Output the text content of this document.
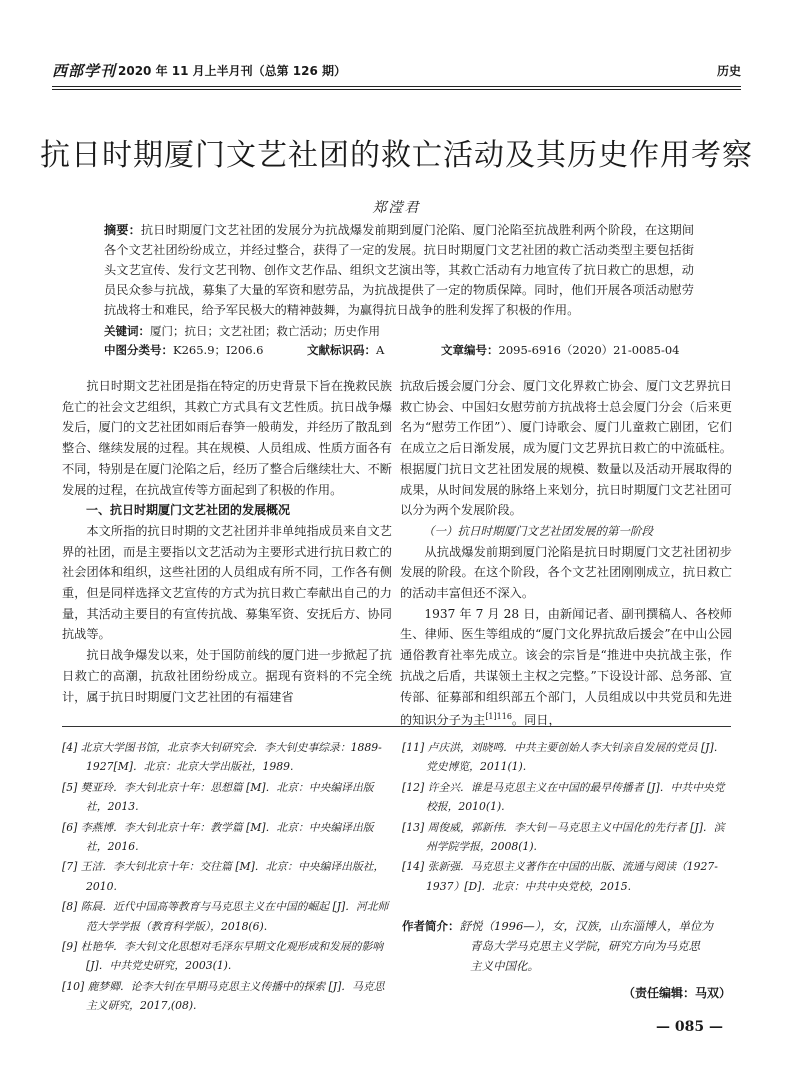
西部学刊 2020 年 11 月上半月刊（总第 126 期）	历史
抗日时期厦门文艺社团的救亡活动及其历史作用考察
郑滢君
摘要：抗日时期厦门文艺社团的发展分为抗战爆发前期到厦门沦陷、厦门沦陷至抗战胜利两个阶段，在这期间各个文艺社团纷纷成立，并经过整合，获得了一定的发展。抗日时期厦门文艺社团的救亡活动类型主要包括街头文艺宣传、发行文艺刊物、创作文艺作品、组织文艺演出等，其救亡活动有力地宣传了抗日救亡的思想，动员民众参与抗战，募集了大量的军资和慰劳品，为抗战提供了一定的物质保障。同时，他们开展各项活动慰劳抗战将士和难民，给予军民极大的精神鼓舞，为赢得抗日战争的胜利发挥了积极的作用。
关键词：厦门；抗日；文艺社团；救亡活动；历史作用
中图分类号：K265.9；I206.6	文献标识码：A	文章编号：2095-6916（2020）21-0085-04

抗日时期文艺社团是指在特定的历史背景下旨在挽救民族危亡的社会文艺组织，其救亡方式具有文艺性质。抗日战争爆发后，厦门的文艺社团如雨后春笋一般萌发，并经历了散乱到整合、继续发展的过程。其在规模、人员组成、性质方面各有不同，特别是在厦门沦陷之后，经历了整合后继续壮大、不断发展的过程，在抗战宣传等方面起到了积极的作用。

一、抗日时期厦门文艺社团的发展概况

本文所指的抗日时期的文艺社团并非单纯指成员来自文艺界的社团，而是主要指以文艺活动为主要形式进行抗日救亡的社会团体和组织，这些社团的人员组成有所不同，工作各有侧重，但是同样选择文艺宣传的方式为抗日救亡奉献出自己的力量，其活动主要目的有宣传抗战、募集军资、安抚后方、协同抗战等。

抗日战争爆发以来，处于国防前线的厦门进一步掀起了抗日救亡的高潮，抗敌社团纷纷成立。据现有资料的不完全统计，属于抗日时期厦门文艺社团的有福建省

抗敌后援会厦门分会、厦门文化界救亡协会、厦门文艺界抗日救亡协会、中国妇女慰劳前方抗战将士总会厦门分会（后来更名为“慰劳工作团”）、厦门诗歌会、厦门儿童救亡剧团，它们在成立之后日渐发展，成为厦门文艺界抗日救亡的中流砥柱。根据厦门抗日文艺社团发展的规模、数量以及活动开展取得的成果，从时间发展的脉络上来划分，抗日时期厦门文艺社团可以分为两个发展阶段。

（一）抗日时期厦门文艺社团发展的第一阶段

从抗战爆发前期到厦门沦陷是抗日时期厦门文艺社团初步发展的阶段。在这个阶段，各个文艺社团刚刚成立，抗日救亡的活动丰富但还不深入。

1937 年 7 月 28 日，由新闻记者、副刊撰稿人、各校师生、律师、医生等组成的“厦门文化界抗敌后援会”在中山公园通俗教育社率先成立。该会的宗旨是“推进中央抗战主张，作抗战之后盾，共谋领土主权之完整。”下设设计部、总务部、宣传部、征募部和组织部五个部门，人员组成以中共党员和先进的知识分子为主$^{[1]116}$。同日，

[4] 北京大学图书馆，北京李大钊研究会．李大钊史事综录：1889-1927[M]．北京：北京大学出版社，1989.

[5] 樊亚玲．李大钊北京十年：思想篇 [M]．北京：中央编译出版社，2013.

[6] 李燕博．李大钊北京十年：教学篇 [M]．北京：中央编译出版社，2016.

[7] 王洁．李大钊北京十年：交往篇 [M]．北京：中央编译出版社，2010.

[8] 陈晨．近代中国高等教育与马克思主义在中国的崛起 [J]．河北师范大学学报（教育科学版），2018(6).

[9] 杜艳华．李大钊文化思想对毛泽东早期文化观形成和发展的影响 [J]．中共党史研究，2003(1).

[10] 鹿梦卿．论李大钊在早期马克思主义传播中的探索 [J]．马克思主义研究，2017,(08).

[11] 卢庆洪，刘晓鸣．中共主要创始人李大钊亲自发展的党员 [J]．党史博览，2011(1).

[12] 许全兴．谁是马克思主义在中国的最早传播者 [J]．中共中央党校报，2010(1).

[13] 周俊威，郭新伟．李大钊－马克思主义中国化的先行者 [J]．滨州学院学报，2008(1).

[14] 张新强．马克思主义著作在中国的出版、流通与阅读（1927-1937）[D]．北京：中共中央党校，2015.

作者简介：舒悦（1996—），女，汉族，山东淄博人，单位为
青岛大学马克思主义学院，研究方向为马克思
主义中国化。
（责任编辑：马双）
— 085 —
